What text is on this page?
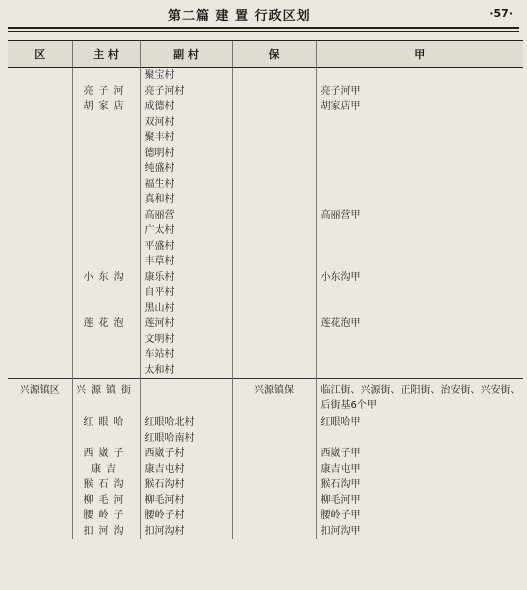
第二篇 建 置 行政区划	·57·
区	主 村	副 村	保	甲
		聚宝村		
	亮子河	亮子河村		亮子河甲
	胡家店	成德村		胡家店甲
		双河村		
		聚丰村		
		德明村		
		纯盛村		
		福生村		
		真和村		
		高丽营		高丽营甲
		广太村		
		平盛村		
		丰草村		
	小东沟	康乐村		小东沟甲
		自平村		
		黑山村		
	莲花泡	莲河村		莲花泡甲
		文明村		
		车站村		
		太和村		
兴源镇区	兴源镇街		兴源镇保	临江街、兴源街、正阳街、治安街、兴安街、后街基6个甲
	红眼哈	红眼哈北村		红眼哈甲
		红眼哈南村		
	西崴子	西崴子村		西崴子甲
	康吉	康吉屯村		康吉屯甲
	猴石沟	猴石沟村		猴石沟甲
	柳毛河	柳毛河村		柳毛河甲
	腰岭子	腰岭子村		腰岭子甲
	扣河沟	扣河沟村		扣河沟甲
